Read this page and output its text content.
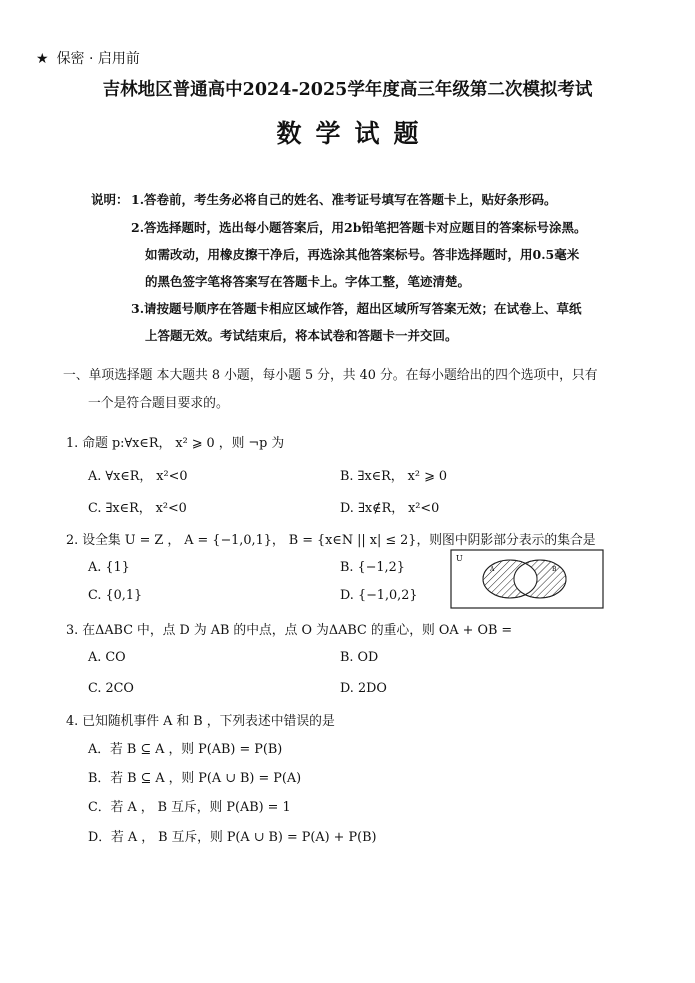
★ 保密 · 启用前
吉林地区普通高中2024-2025学年度高三年级第二次模拟考试
数学试题
说明： 1.答卷前，考生务必将自己的姓名、准考证号填写在答题卡上，贴好条形码。
2.答选择题时，选出每小题答案后，用2b铅笔把答题卡对应题目的答案标号涂黑。
如需改动，用橡皮擦干净后，再选涂其他答案标号。答非选择题时，用0.5毫米
的黑色签字笔将答案写在答题卡上。字体工整，笔迹清楚。
3.请按题号顺序在答题卡相应区域作答，超出区域所写答案无效；在试卷上、草纸
上答题无效。考试结束后，将本试卷和答题卡一并交回。
一、单项选择题 本大题共 8 小题，每小题 5 分，共 40 分。在每小题给出的四个选项中，只有
一个是符合题目要求的。
1. 命题 p:∀x∈R， x² ⩾ 0 ，则 ¬p 为
A. ∀x∈R， x²<0	B. ∃x∈R， x² ⩾ 0
C. ∃x∈R， x²<0	D. ∃x∉R， x²<0
2. 设全集 U = Z ， A = {−1,0,1}， B = {x∈N || x| ≤ 2}，则图中阴影部分表示的集合是
A. {1}	B. {−1,2}
C. {0,1}	D. {−1,0,2}
U
A	B
3. 在ΔABC 中，点 D 为 AB 的中点，点 O 为ΔABC 的重心，则 OA + OB =
A. CO	B. OD
C. 2CO	D. 2DO
4. 已知随机事件 A 和 B ，下列表述中错误的是
A．若 B ⊆ A ，则 P(AB) = P(B)
B．若 B ⊆ A ，则 P(A ∪ B) = P(A)
C．若 A ， B 互斥，则 P(AB) = 1
D．若 A ， B 互斥，则 P(A ∪ B) = P(A) + P(B)
